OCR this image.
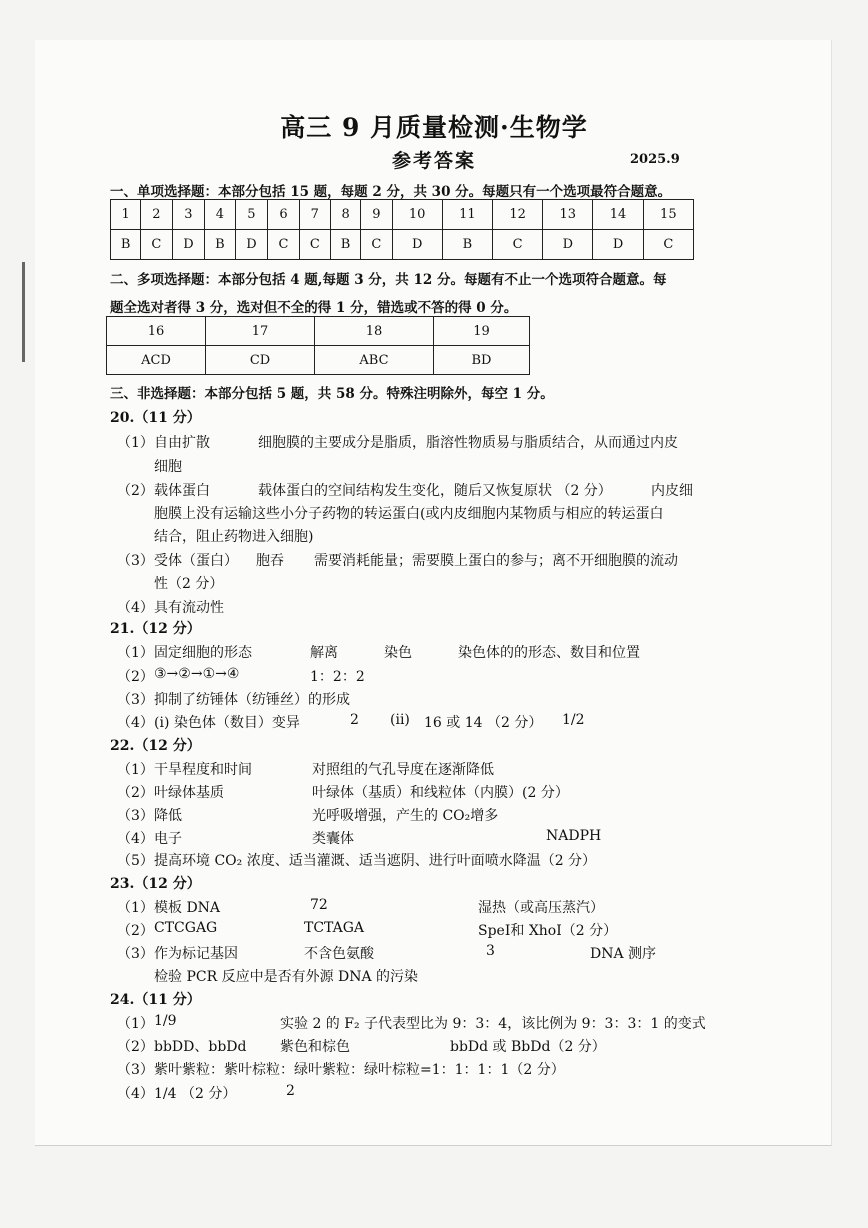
高三 9 月质量检测·生物学
参考答案	2025.9
一、单项选择题：本部分包括 15 题，每题 2 分，共 30 分。每题只有一个选项最符合题意。
1	2	3	4	5	6	7	8	9	10	11	12	13	14	15
B	C	D	B	D	C	C	B	C	D	B	C	D	D	C
二、多项选择题：本部分包括 4 题,每题 3 分，共 12 分。每题有不止一个选项符合题意。每
题全选对者得 3 分，选对但不全的得 1 分，错选或不答的得 0 分。
16	17	18	19
ACD	CD	ABC	BD
三、非选择题：本部分包括 5 题，共 58 分。特殊注明除外，每空 1 分。
20.（11 分）
（1） 自由扩散	细胞膜的主要成分是脂质，脂溶性物质易与脂质结合，从而通过内皮
细胞
（2） 载体蛋白	载体蛋白的空间结构发生变化，随后又恢复原状 （2 分）	内皮细
胞膜上没有运输这些小分子药物的转运蛋白(或内皮细胞内某物质与相应的转运蛋白
结合，阻止药物进入细胞)
（3） 受体（蛋白） 胞吞 需要消耗能量；需要膜上蛋白的参与；离不开细胞膜的流动
性（2 分）
（4） 具有流动性
21.（12 分）
（1） 固定细胞的形态	解离	染色	染色体的的形态、数目和位置
（2） ③→②→①→④	1：2：2
（3） 抑制了纺锤体（纺锤丝）的形成
（4） (i) 染色体（数目）变异	2 (ii) 16 或 14 （2 分） 1/2
22.（12 分）
（1） 干旱程度和时间	对照组的气孔导度在逐渐降低
（2） 叶绿体基质	叶绿体（基质）和线粒体（内膜）(2 分）
（3） 降低	光呼吸增强，产生的 CO₂增多
（4） 电子	类囊体	NADPH
（5） 提高环境 CO₂ 浓度、适当灌溉、适当遮阴、进行叶面喷水降温（2 分）
23.（12 分）
（1） 模板 DNA	72	湿热（或高压蒸汽）
（2） CTCGAG	TCTAGA	SpeI和 XhoI（2 分）
（3） 作为标记基因	不含色氨酸	3	DNA 测序
检验 PCR 反应中是否有外源 DNA 的污染
24.（11 分）
（1） 1/9	实验 2 的 F₂ 子代表型比为 9：3：4，该比例为 9：3：3：1 的变式
（2） bbDD、bbDd 紫色和棕色	bbDd 或 BbDd（2 分）
（3） 紫叶紫粒：紫叶棕粒：绿叶紫粒：绿叶棕粒=1：1：1：1（2 分）
（4） 1/4 （2 分）	2
